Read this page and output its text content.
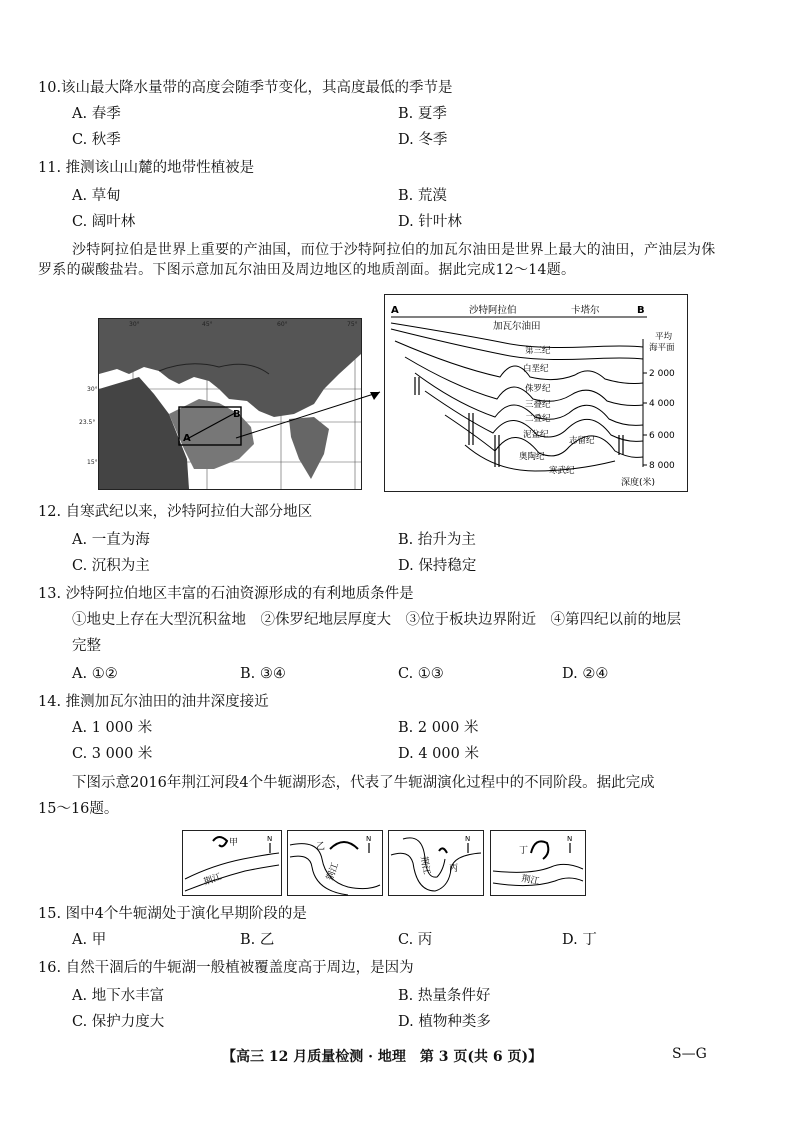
10.该山最大降水量带的高度会随季节变化，其高度最低的季节是
A. 春季	B. 夏季
C. 秋季	D. 冬季
11. 推测该山山麓的地带性植被是
A. 草甸	B. 荒漠
C. 阔叶林	D. 针叶林
沙特阿拉伯是世界上重要的产油国，而位于沙特阿拉伯的加瓦尔油田是世界上最大的油田，产油层为侏罗系的碳酸盐岩。下图示意加瓦尔油田及周边地区的地质剖面。据此完成12～14题。
A
B
30°	45°	60°	75°
30°
23.5°
15°
A	B
沙特阿拉伯	卡塔尔
加瓦尔油田
平均
海平面
第三纪
白垩纪
侏罗纪
三叠纪
二叠纪
泥盆纪
志留纪
奥陶纪
寒武纪
2 000
4 000
6 000
8 000
深度(米)
12. 自寒武纪以来，沙特阿拉伯大部分地区
A. 一直为海	B. 抬升为主
C. 沉积为主	D. 保持稳定
13. 沙特阿拉伯地区丰富的石油资源形成的有利地质条件是
①地史上存在大型沉积盆地　②侏罗纪地层厚度大　③位于板块边界附近　④第四纪以前的地层
完整
A. ①②	B. ③④	C. ①③	D. ②④
14. 推测加瓦尔油田的油井深度接近
A. 1 000 米	B. 2 000 米
C. 3 000 米	D. 4 000 米
下图示意2016年荆江河段4个牛轭湖形态，代表了牛轭湖演化过程中的不同阶段。据此完成
15～16题。
甲
荆江
N
乙
荆江
N
丙
荆江
N
丁
荆江
N
15. 图中4个牛轭湖处于演化早期阶段的是
A. 甲	B. 乙	C. 丙	D. 丁
16. 自然干涸后的牛轭湖一般植被覆盖度高于周边，是因为
A. 地下水丰富	B. 热量条件好
C. 保护力度大	D. 植物种类多
【高三 12 月质量检测 · 地理　第 3 页(共 6 页)】	S—G
